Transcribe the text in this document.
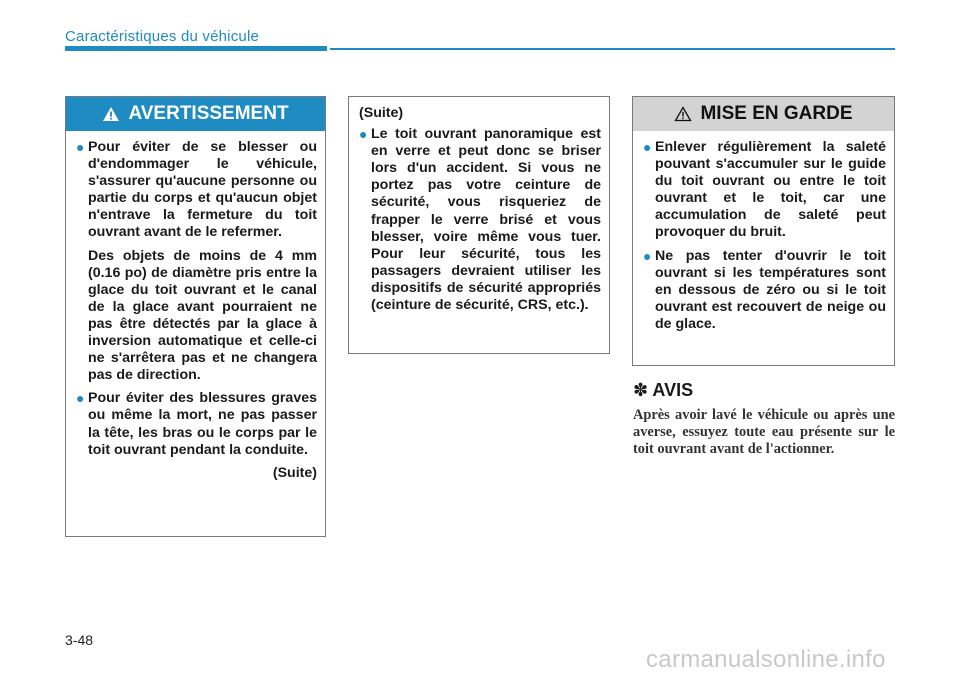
Caractéristiques du véhicule
AVERTISSEMENT
● Pour éviter de se blesser ou d'endommager le véhicule, s'assurer qu'aucune personne ou partie du corps et qu'aucun objet n'entrave la fermeture du toit ouvrant avant de le refermer.
Des objets de moins de 4 mm (0.16 po) de diamètre pris entre la glace du toit ouvrant et le canal de la glace avant pourraient ne pas être détectés par la glace à inversion automatique et celle-ci ne s'arrêtera pas et ne changera pas de direction.
● Pour éviter des blessures graves ou même la mort, ne pas passer la tête, les bras ou le corps par le toit ouvrant pendant la conduite.
(Suite)
(Suite)
● Le toit ouvrant panoramique est en verre et peut donc se briser lors d'un accident. Si vous ne portez pas votre ceinture de sécurité, vous risqueriez de frapper le verre brisé et vous blesser, voire même vous tuer. Pour leur sécurité, tous les passagers devraient utiliser les dispositifs de sécurité appropriés (ceinture de sécurité, CRS, etc.).
MISE EN GARDE
● Enlever régulièrement la saleté pouvant s'accumuler sur le guide du toit ouvrant ou entre le toit ouvrant et le toit, car une accumulation de saleté peut provoquer du bruit.
● Ne pas tenter d'ouvrir le toit ouvrant si les températures sont en dessous de zéro ou si le toit ouvrant est recouvert de neige ou de glace.
✽ AVIS
Après avoir lavé le véhicule ou après une averse, essuyez toute eau présente sur le toit ouvrant avant de l'actionner.
3-48
carmanualsonline.info
